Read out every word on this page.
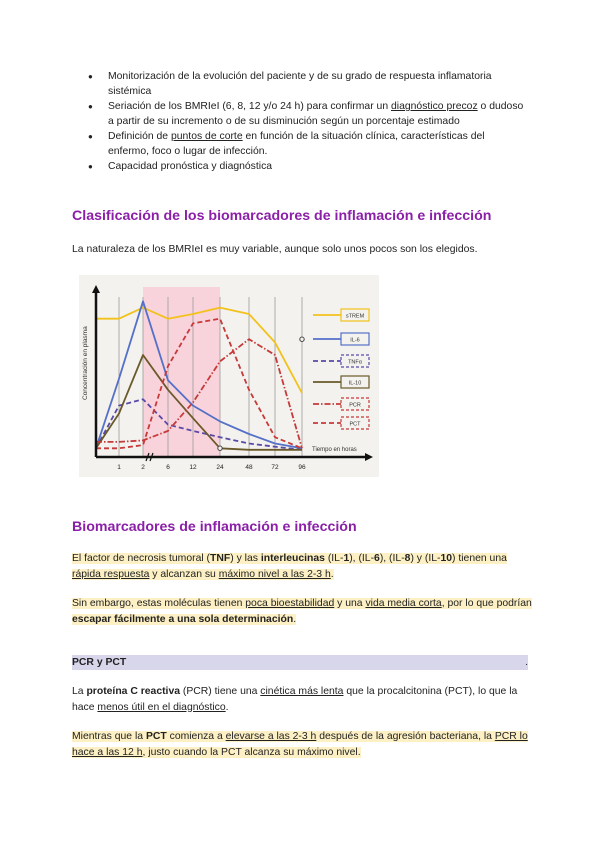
● Monitorización de la evolución del paciente y de su grado de respuesta inflamatoria sistémica
● Seriación de los BMRIeI (6, 8, 12 y/o 24 h) para confirmar un diagnóstico precoz o dudoso a partir de su incremento o de su disminución según un porcentaje estimado
● Definición de puntos de corte en función de la situación clínica, características del enfermo, foco o lugar de infección.
● Capacidad pronóstica y diagnóstica
Clasificación de los biomarcadores de inflamación e infección

La naturaleza de los BMRIeI es muy variable, aunque solo unos pocos son los elegidos.

1	2	6	12	24	48	72	96
Concentración en plasma
Tiempo en horas
sTREM
IL-6
TNFα
IL-10
PCR
PCT
Biomarcadores de inflamación e infección

El factor de necrosis tumoral (TNF) y las interleucinas (IL-1), (IL-6), (IL-8) y (IL-10) tienen una rápida respuesta y alcanzan su máximo nivel a las 2-3 h.

Sin embargo, estas moléculas tienen poca bioestabilidad y una vida media corta, por lo que podrían escapar fácilmente a una sola determinación.

PCR y PCT	.

La proteína C reactiva (PCR) tiene una cinética más lenta que la procalcitonina (PCT), lo que la hace menos útil en el diagnóstico.

Mientras que la PCT comienza a elevarse a las 2-3 h después de la agresión bacteriana, la PCR lo hace a las 12 h, justo cuando la PCT alcanza su máximo nivel.
